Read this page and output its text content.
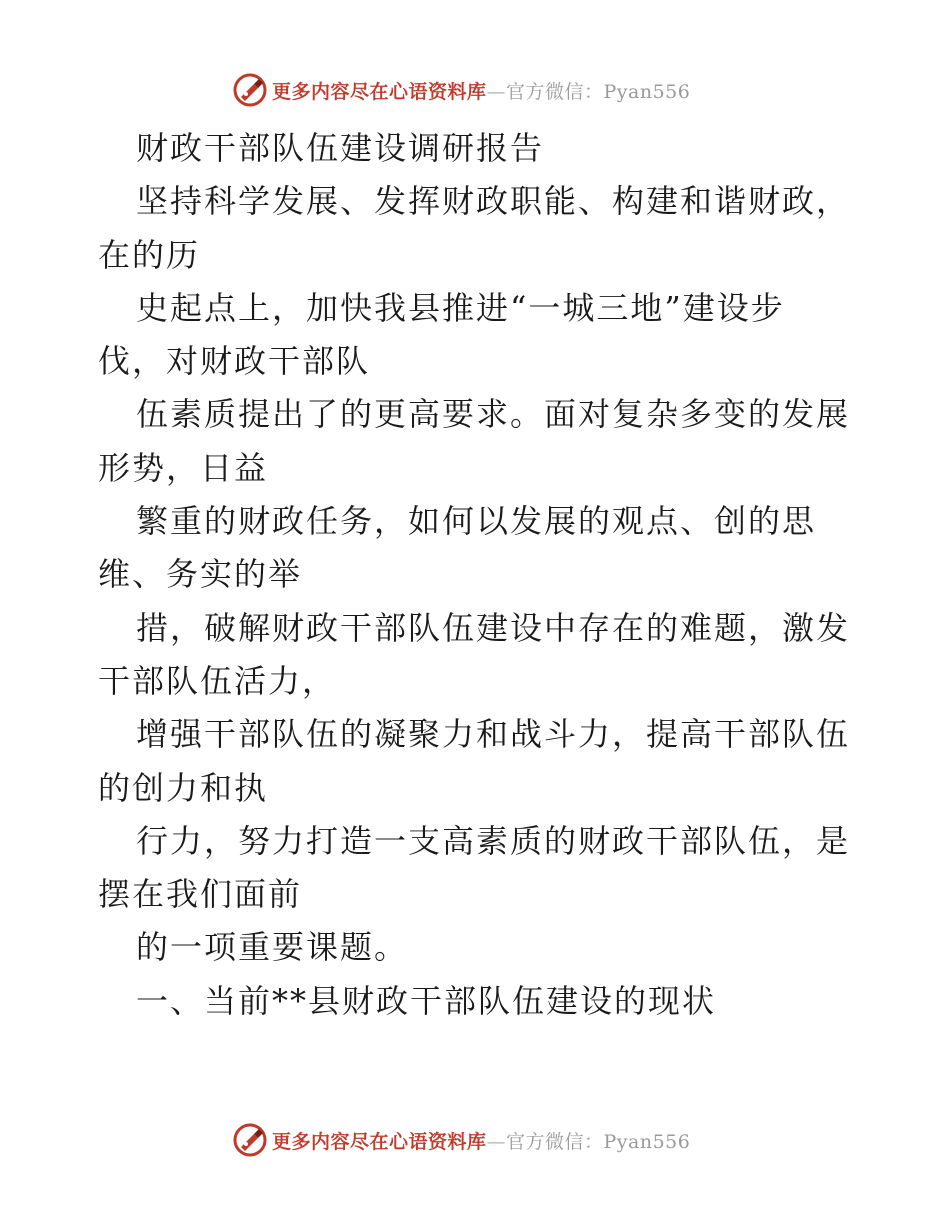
更多内容尽在心语资料库—官方微信：Pyan556
财政干部队伍建设调研报告
坚持科学发展、发挥财政职能、构建和谐财政，
在的历
史起点上，加快我县推进“一城三地”建设步
伐，对财政干部队
伍素质提出了的更高要求。面对复杂多变的发展
形势，日益
繁重的财政任务，如何以发展的观点、创的思
维、务实的举
措，破解财政干部队伍建设中存在的难题，激发
干部队伍活力，
增强干部队伍的凝聚力和战斗力，提高干部队伍
的创力和执
行力，努力打造一支高素质的财政干部队伍，是
摆在我们面前
的一项重要课题。
一、当前**县财政干部队伍建设的现状
更多内容尽在心语资料库—官方微信：Pyan556
